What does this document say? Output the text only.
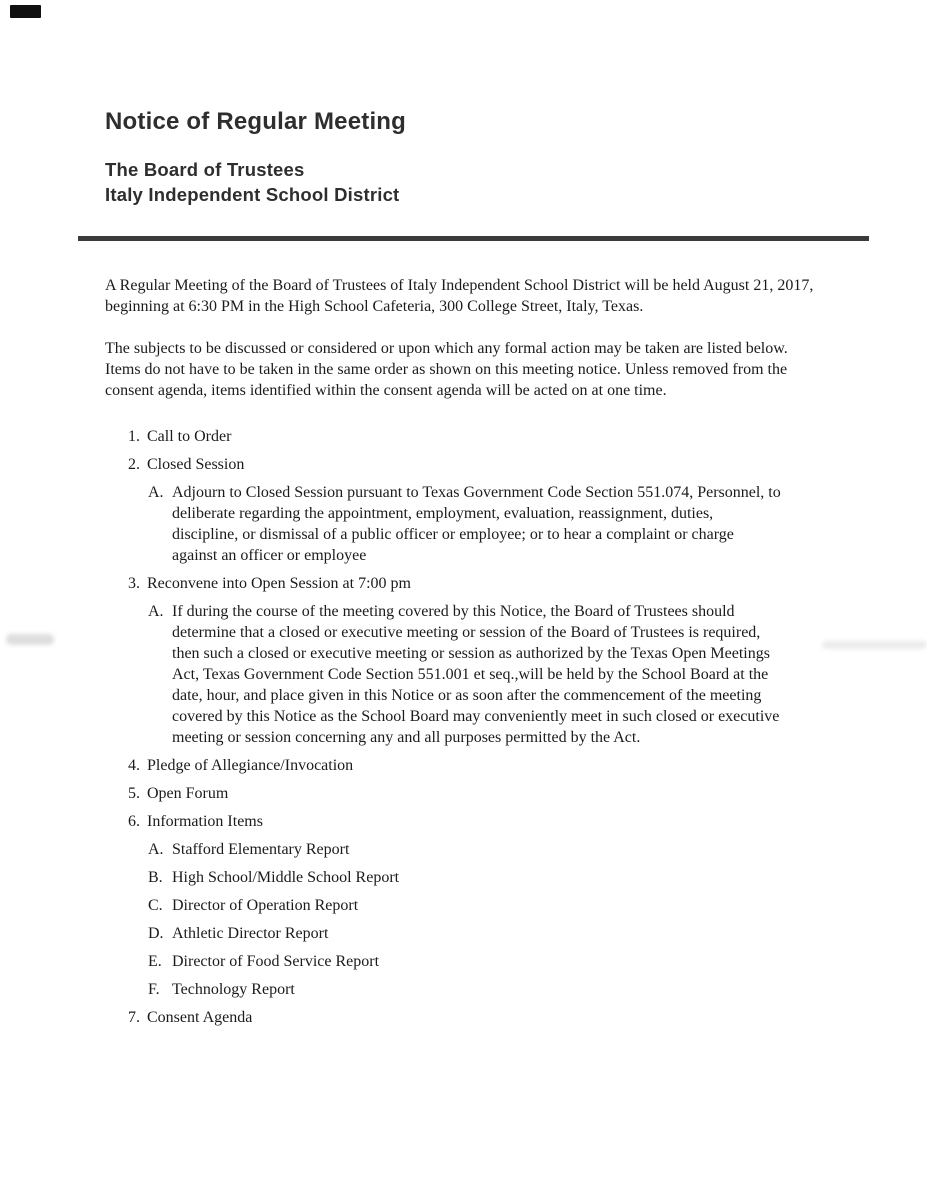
Notice of Regular Meeting
The Board of Trustees
Italy Independent School District

A Regular Meeting of the Board of Trustees of Italy Independent School District will be held August 21, 2017, beginning at 6:30 PM in the High School Cafeteria, 300 College Street, Italy, Texas.

The subjects to be discussed or considered or upon which any formal action may be taken are listed below. Items do not have to be taken in the same order as shown on this meeting notice. Unless removed from the consent agenda, items identified within the consent agenda will be acted on at one time.

1. Call to Order
2. Closed Session
A. Adjourn to Closed Session pursuant to Texas Government Code Section 551.074, Personnel, to deliberate regarding the appointment, employment, evaluation, reassignment, duties, discipline, or dismissal of a public officer or employee; or to hear a complaint or charge against an officer or employee
3. Reconvene into Open Session at 7:00 pm
A. If during the course of the meeting covered by this Notice, the Board of Trustees should determine that a closed or executive meeting or session of the Board of Trustees is required, then such a closed or executive meeting or session as authorized by the Texas Open Meetings Act, Texas Government Code Section 551.001 et seq.,will be held by the School Board at the date, hour, and place given in this Notice or as soon after the commencement of the meeting covered by this Notice as the School Board may conveniently meet in such closed or executive meeting or session concerning any and all purposes permitted by the Act.
4. Pledge of Allegiance/Invocation
5. Open Forum
6. Information Items
A. Stafford Elementary Report
B. High School/Middle School Report
C. Director of Operation Report
D. Athletic Director Report
E. Director of Food Service Report
F. Technology Report
7. Consent Agenda
